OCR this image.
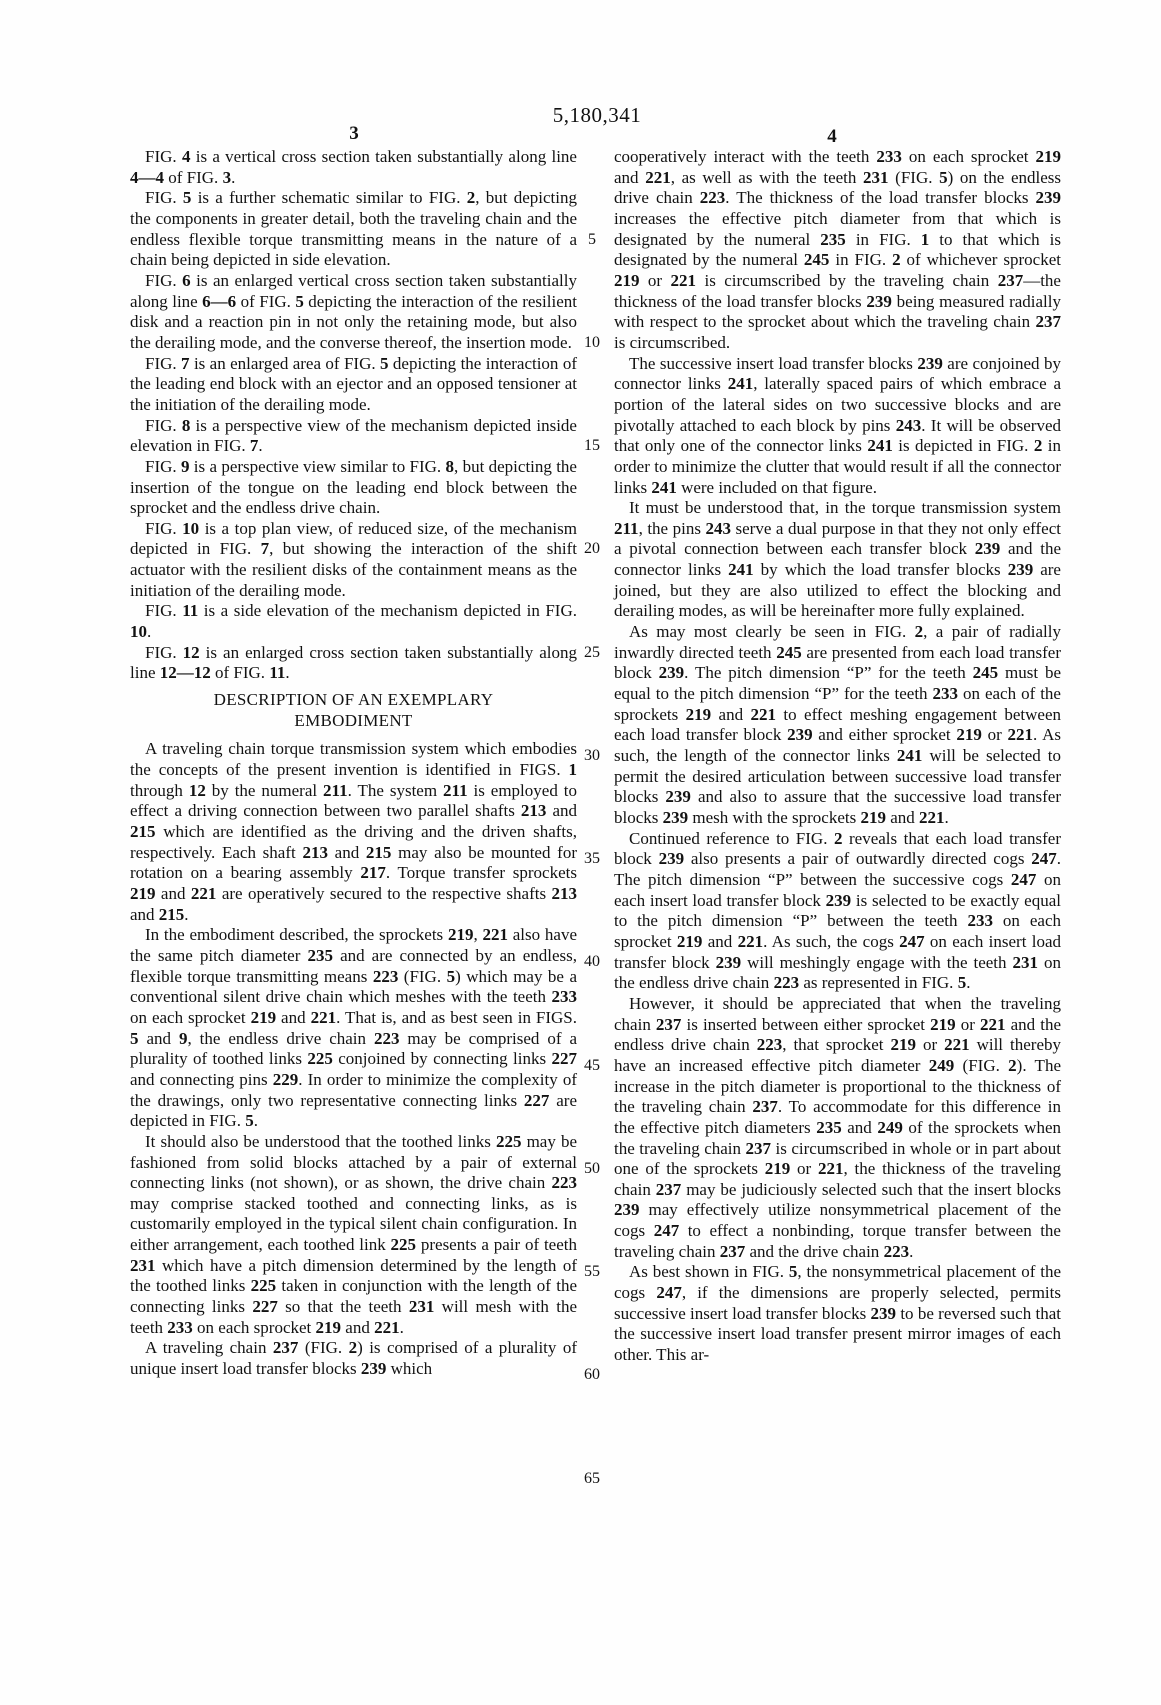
5,180,341
3	4

FIG. 4 is a vertical cross section taken substantially along line 4—4 of FIG. 3.

FIG. 5 is a further schematic similar to FIG. 2, but depicting the components in greater detail, both the traveling chain and the endless flexible torque transmitting means in the nature of a chain being depicted in side elevation.

FIG. 6 is an enlarged vertical cross section taken substantially along line 6—6 of FIG. 5 depicting the interaction of the resilient disk and a reaction pin in not only the retaining mode, but also the derailing mode, and the converse thereof, the insertion mode.

FIG. 7 is an enlarged area of FIG. 5 depicting the interaction of the leading end block with an ejector and an opposed tensioner at the initiation of the derailing mode.

FIG. 8 is a perspective view of the mechanism depicted inside elevation in FIG. 7.

FIG. 9 is a perspective view similar to FIG. 8, but depicting the insertion of the tongue on the leading end block between the sprocket and the endless drive chain.

FIG. 10 is a top plan view, of reduced size, of the mechanism depicted in FIG. 7, but showing the interaction of the shift actuator with the resilient disks of the containment means as the initiation of the derailing mode.

FIG. 11 is a side elevation of the mechanism depicted in FIG. 10.

FIG. 12 is an enlarged cross section taken substantially along line 12—12 of FIG. 11.

DESCRIPTION OF AN EXEMPLARY
EMBODIMENT

A traveling chain torque transmission system which embodies the concepts of the present invention is identified in FIGS. 1 through 12 by the numeral 211. The system 211 is employed to effect a driving connection between two parallel shafts 213 and 215 which are identified as the driving and the driven shafts, respectively. Each shaft 213 and 215 may also be mounted for rotation on a bearing assembly 217. Torque transfer sprockets 219 and 221 are operatively secured to the respective shafts 213 and 215.

In the embodiment described, the sprockets 219, 221 also have the same pitch diameter 235 and are connected by an endless, flexible torque transmitting means 223 (FIG. 5) which may be a conventional silent drive chain which meshes with the teeth 233 on each sprocket 219 and 221. That is, and as best seen in FIGS. 5 and 9, the endless drive chain 223 may be comprised of a plurality of toothed links 225 conjoined by connecting links 227 and connecting pins 229. In order to minimize the complexity of the drawings, only two representative connecting links 227 are depicted in FIG. 5.

It should also be understood that the toothed links 225 may be fashioned from solid blocks attached by a pair of external connecting links (not shown), or as shown, the drive chain 223 may comprise stacked toothed and connecting links, as is customarily employed in the typical silent chain configuration. In either arrangement, each toothed link 225 presents a pair of teeth 231 which have a pitch dimension determined by the length of the toothed links 225 taken in conjunction with the length of the connecting links 227 so that the teeth 231 will mesh with the teeth 233 on each sprocket 219 and 221.

A traveling chain 237 (FIG. 2) is comprised of a plurality of unique insert load transfer blocks 239 which

5
10
15
20
25
30
35
40
45
50
55
60
65

cooperatively interact with the teeth 233 on each sprocket 219 and 221, as well as with the teeth 231 (FIG. 5) on the endless drive chain 223. The thickness of the load transfer blocks 239 increases the effective pitch diameter from that which is designated by the numeral 235 in FIG. 1 to that which is designated by the numeral 245 in FIG. 2 of whichever sprocket 219 or 221 is circumscribed by the traveling chain 237—the thickness of the load transfer blocks 239 being measured radially with respect to the sprocket about which the traveling chain 237 is circumscribed.

The successive insert load transfer blocks 239 are conjoined by connector links 241, laterally spaced pairs of which embrace a portion of the lateral sides on two successive blocks and are pivotally attached to each block by pins 243. It will be observed that only one of the connector links 241 is depicted in FIG. 2 in order to minimize the clutter that would result if all the connector links 241 were included on that figure.

It must be understood that, in the torque transmission system 211, the pins 243 serve a dual purpose in that they not only effect a pivotal connection between each transfer block 239 and the connector links 241 by which the load transfer blocks 239 are joined, but they are also utilized to effect the blocking and derailing modes, as will be hereinafter more fully explained.

As may most clearly be seen in FIG. 2, a pair of radially inwardly directed teeth 245 are presented from each load transfer block 239. The pitch dimension “P” for the teeth 245 must be equal to the pitch dimension “P” for the teeth 233 on each of the sprockets 219 and 221 to effect meshing engagement between each load transfer block 239 and either sprocket 219 or 221. As such, the length of the connector links 241 will be selected to permit the desired articulation between successive load transfer blocks 239 and also to assure that the successive load transfer blocks 239 mesh with the sprockets 219 and 221.

Continued reference to FIG. 2 reveals that each load transfer block 239 also presents a pair of outwardly directed cogs 247. The pitch dimension “P” between the successive cogs 247 on each insert load transfer block 239 is selected to be exactly equal to the pitch dimension “P” between the teeth 233 on each sprocket 219 and 221. As such, the cogs 247 on each insert load transfer block 239 will meshingly engage with the teeth 231 on the endless drive chain 223 as represented in FIG. 5.

However, it should be appreciated that when the traveling chain 237 is inserted between either sprocket 219 or 221 and the endless drive chain 223, that sprocket 219 or 221 will thereby have an increased effective pitch diameter 249 (FIG. 2). The increase in the pitch diameter is proportional to the thickness of the traveling chain 237. To accommodate for this difference in the effective pitch diameters 235 and 249 of the sprockets when the traveling chain 237 is circumscribed in whole or in part about one of the sprockets 219 or 221, the thickness of the traveling chain 237 may be judiciously selected such that the insert blocks 239 may effectively utilize nonsymmetrical placement of the cogs 247 to effect a nonbinding, torque transfer between the traveling chain 237 and the drive chain 223.

As best shown in FIG. 5, the nonsymmetrical placement of the cogs 247, if the dimensions are properly selected, permits successive insert load transfer blocks 239 to be reversed such that the successive insert load transfer present mirror images of each other. This ar-
